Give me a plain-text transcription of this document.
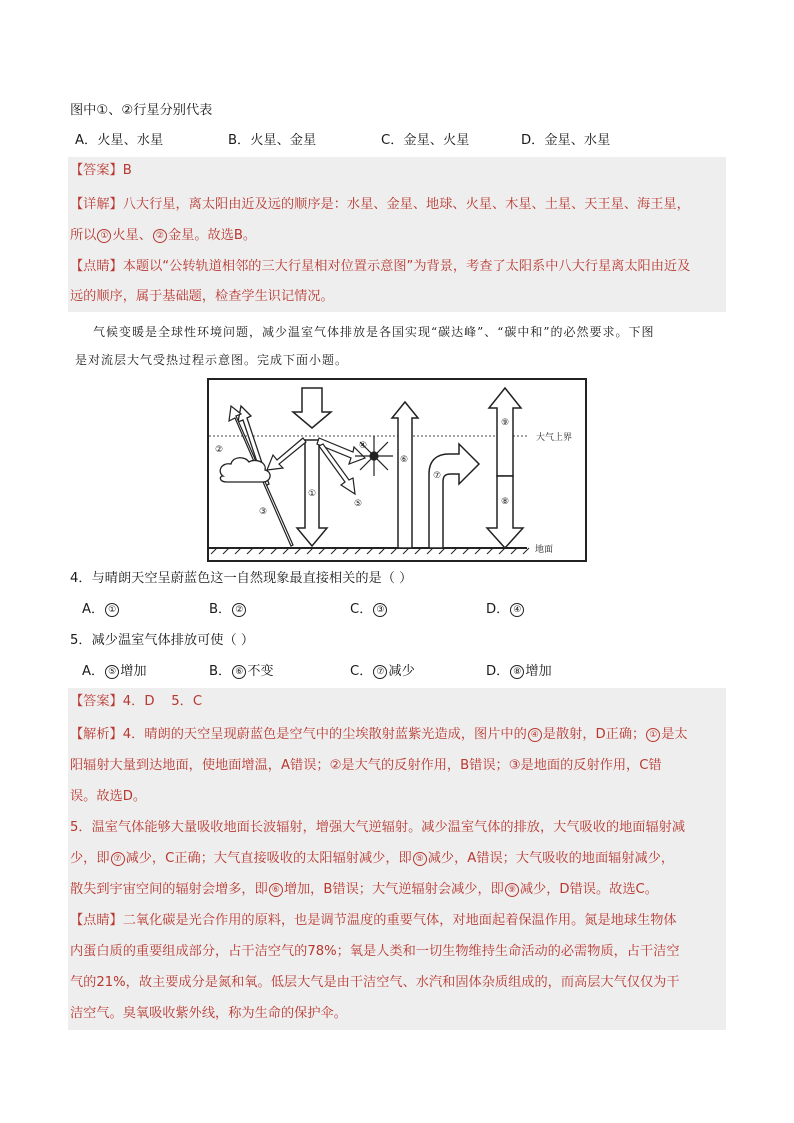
图中①、②行星分别代表
A．火星、水星	B．火星、金星	C．金星、火星	D．金星、水星
【答案】B
【详解】八大行星，离太阳由近及远的顺序是：水星、金星、地球、火星、木星、土星、天王星、海王星，
所以 ① 火星、 ② 金星。故选B。
【点睛】本题以“公转轨道相邻的三大行星相对位置示意图”为背景，考查了太阳系中八大行星离太阳由近及
远的顺序，属于基础题，检查学生识记情况。
气候变暖是全球性环境问题，减少温室气体排放是各国实现“碳达峰”、“碳中和”的必然要求。下图
是对流层大气受热过程示意图。完成下面小题。
大气上界
地面
①
②
③
④
⑤
⑥
⑦
⑧
⑨
4．与晴朗天空呈蔚蓝色这一自然现象最直接相关的是（ ）
A． ①	B． ②	C． ③	D． ④
5．减少温室气体排放可使（ ）
A． ⑤ 增加	B． ⑥ 不变	C． ⑦ 减少	D． ⑧ 增加
【答案】4．D    5．C
【解析】4．晴朗的天空呈现蔚蓝色是空气中的尘埃散射蓝紫光造成，图片中的 ④ 是散射，D正确； ① 是太
阳辐射大量到达地面，使地面增温，A错误；②是大气的反射作用，B错误；③是地面的反射作用，C错
误。故选D。
5．温室气体能够大量吸收地面长波辐射，增强大气逆辐射。减少温室气体的排放，大气吸收的地面辐射减
少，即 ⑦ 减少，C正确；大气直接吸收的太阳辐射减少，即 ⑤ 减少，A错误；大气吸收的地面辐射减少，
散失到宇宙空间的辐射会增多，即 ⑥ 增加，B错误；大气逆辐射会减少，即 ⑨ 减少，D错误。故选C。
【点睛】二氧化碳是光合作用的原料，也是调节温度的重要气体，对地面起着保温作用。氮是地球生物体
内蛋白质的重要组成部分，占干洁空气的78%；氧是人类和一切生物维持生命活动的必需物质，占干洁空
气的21%，故主要成分是氮和氧。低层大气是由干洁空气、水汽和固体杂质组成的，而高层大气仅仅为干
洁空气。臭氧吸收紫外线，称为生命的保护伞。
